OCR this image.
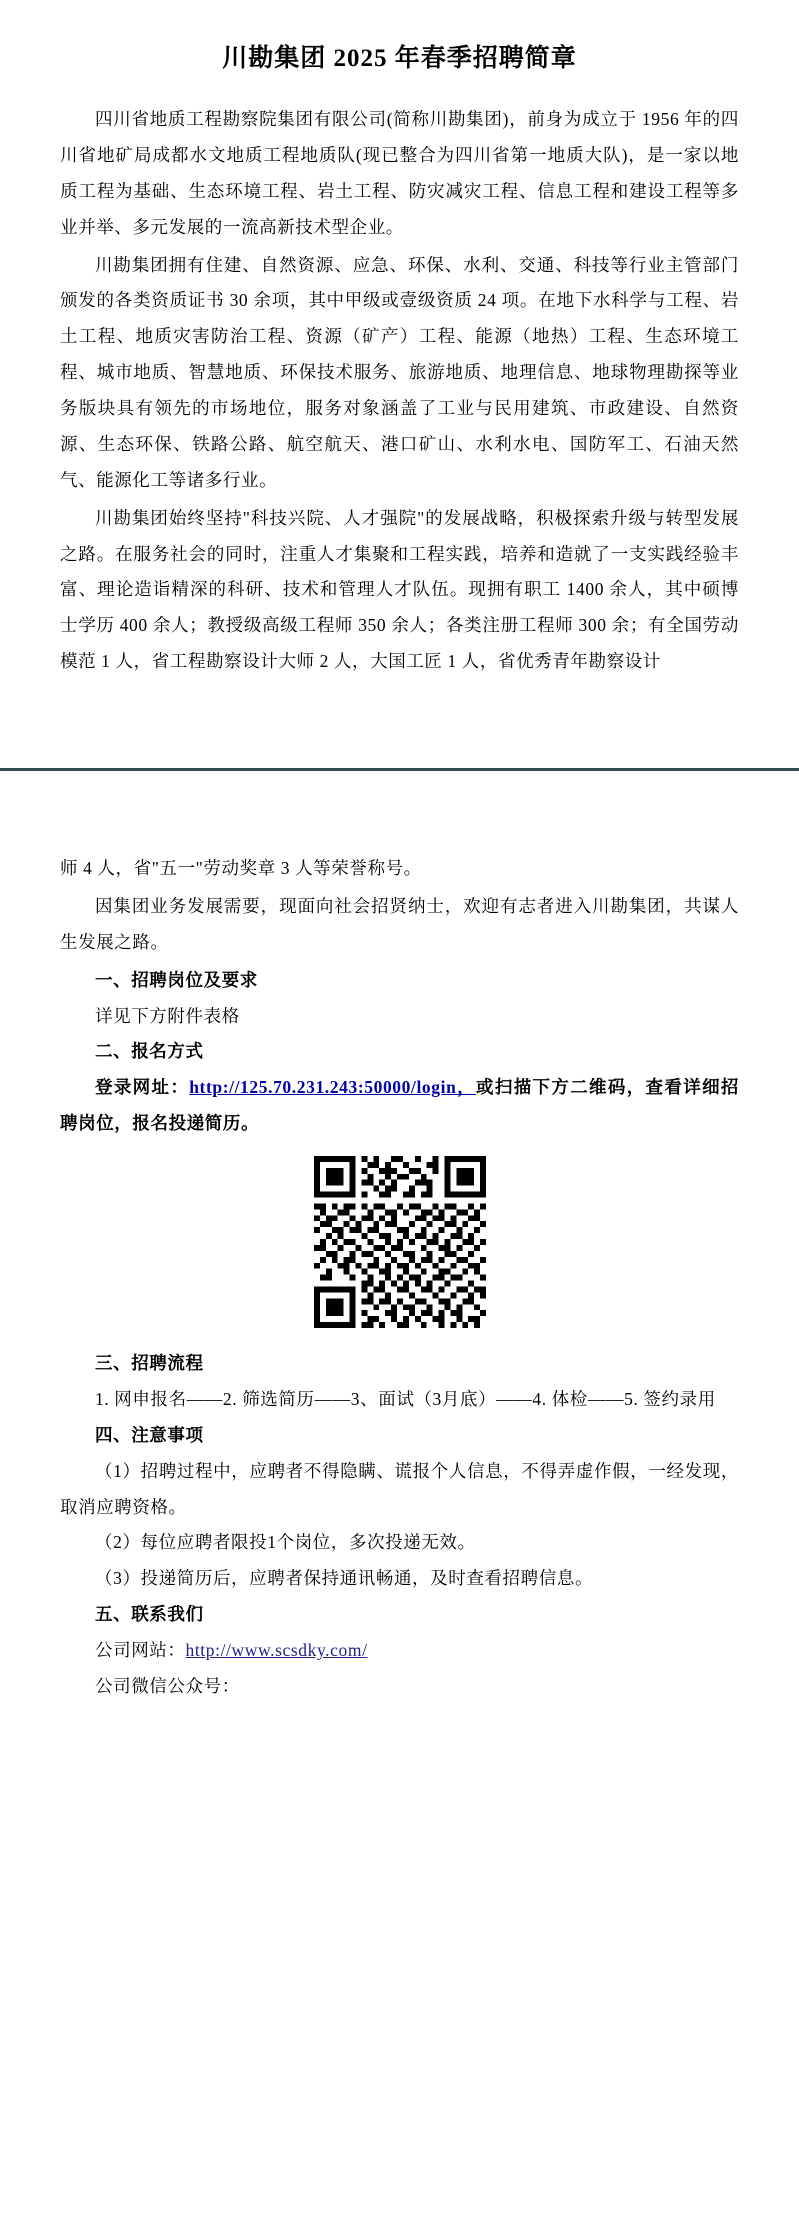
川勘集团 2025 年春季招聘简章

四川省地质工程勘察院集团有限公司(简称川勘集团)，前身为成立于 1956 年的四川省地矿局成都水文地质工程地质队(现已整合为四川省第一地质大队)，是一家以地质工程为基础、生态环境工程、岩土工程、防灾减灾工程、信息工程和建设工程等多业并举、多元发展的一流高新技术型企业。

川勘集团拥有住建、自然资源、应急、环保、水利、交通、科技等行业主管部门颁发的各类资质证书 30 余项，其中甲级或壹级资质 24 项。在地下水科学与工程、岩土工程、地质灾害防治工程、资源（矿产）工程、能源（地热）工程、生态环境工程、城市地质、智慧地质、环保技术服务、旅游地质、地理信息、地球物理勘探等业务版块具有领先的市场地位，服务对象涵盖了工业与民用建筑、市政建设、自然资源、生态环保、铁路公路、航空航天、港口矿山、水利水电、国防军工、石油天然气、能源化工等诸多行业。

川勘集团始终坚持"科技兴院、人才强院"的发展战略，积极探索升级与转型发展之路。在服务社会的同时，注重人才集聚和工程实践，培养和造就了一支实践经验丰富、理论造诣精深的科研、技术和管理人才队伍。现拥有职工 1400 余人，其中硕博士学历 400 余人；教授级高级工程师 350 余人；各类注册工程师 300 余；有全国劳动模范 1 人，省工程勘察设计大师 2 人，大国工匠 1 人，省优秀青年勘察设计

师 4 人，省"五一"劳动奖章 3 人等荣誉称号。

因集团业务发展需要，现面向社会招贤纳士，欢迎有志者进入川勘集团，共谋人生发展之路。

一、招聘岗位及要求

详见下方附件表格

二、报名方式

登录网址：http://125.70.231.243:50000/login，或扫描下方二维码，查看详细招聘岗位，报名投递简历。

三、招聘流程

1. 网申报名——2. 筛选简历——3、面试（3月底）——4. 体检——5. 签约录用

四、注意事项

（1）招聘过程中，应聘者不得隐瞒、谎报个人信息，不得弄虚作假，一经发现，取消应聘资格。

（2）每位应聘者限投1个岗位，多次投递无效。

（3）投递简历后，应聘者保持通讯畅通，及时查看招聘信息。

五、联系我们

公司网站：http://www.scsdky.com/

公司微信公众号：
